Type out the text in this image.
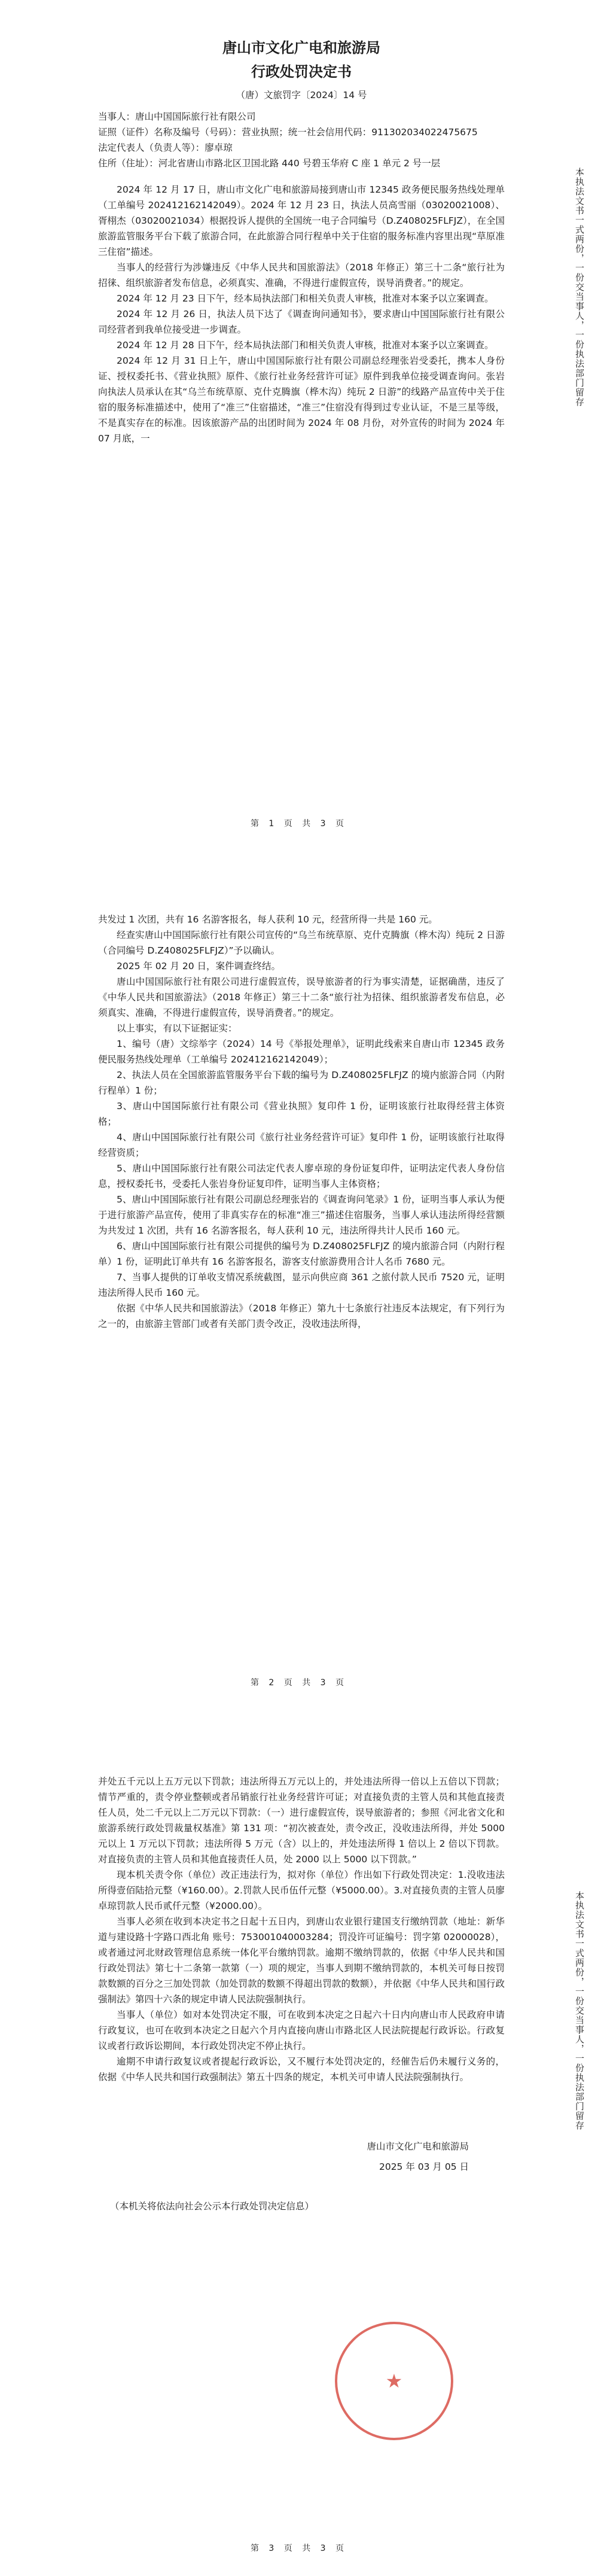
唐山市文化广电和旅游局
行政处罚决定书
（唐）文旅罚字〔2024〕14 号

当事人：唐山中国国际旅行社有限公司

证照（证件）名称及编号（号码）：营业执照；统一社会信用代码：911302034022475675

法定代表人（负责人等）：廖卓琼

住所（住址）：河北省唐山市路北区卫国北路 440 号碧玉华府 C 座 1 单元 2 号一层

2024 年 12 月 17 日，唐山市文化广电和旅游局接到唐山市 12345 政务便民服务热线处理单（工单编号 202412162142049）。2024 年 12 月 23 日，执法人员高雪丽（03020021008）、胥栩杰（03020021034）根据投诉人提供的全国统一电子合同编号（D.Z408025FLFJZ），在全国旅游监管服务平台下载了旅游合同，在此旅游合同行程单中关于住宿的服务标准内容里出现“草原准三住宿”描述。

当事人的经营行为涉嫌违反《中华人民共和国旅游法》（2018 年修正）第三十二条“旅行社为招徕、组织旅游者发布信息，必须真实、准确，不得进行虚假宣传，误导消费者。”的规定。

2024 年 12 月 23 日下午，经本局执法部门和相关负责人审核，批准对本案予以立案调查。

2024 年 12 月 26 日，执法人员下达了《调查询问通知书》，要求唐山中国国际旅行社有限公司经营者到我单位接受进一步调查。

2024 年 12 月 28 日下午，经本局执法部门和相关负责人审核，批准对本案予以立案调查。

2024 年 12 月 31 日上午，唐山中国国际旅行社有限公司副总经理张岩受委托，携本人身份证、授权委托书、《营业执照》原件、《旅行社业务经营许可证》原件到我单位接受调查询问。张岩向执法人员承认在其“乌兰布统草原、克什克腾旗（桦木沟）纯玩 2 日游”的线路产品宣传中关于住宿的服务标准描述中，使用了“准三”住宿描述，“准三”住宿没有得到过专业认证，不是三星等级，不是真实存在的标准。因该旅游产品的出团时间为 2024 年 08 月份，对外宣传的时间为 2024 年 07 月底，一

本执法文书一式两份，一份交当事人，一份执法部门留存
第 1 页 共 3 页

共发过 1 次团，共有 16 名游客报名，每人获利 10 元，经营所得一共是 160 元。

经查实唐山中国国际旅行社有限公司宣传的“乌兰布统草原、克什克腾旗（桦木沟）纯玩 2 日游（合同编号 D.Z408025FLFJZ）”予以确认。

2025 年 02 月 20 日，案件调查终结。

唐山中国国际旅行社有限公司进行虚假宣传，误导旅游者的行为事实清楚，证据确凿，违反了《中华人民共和国旅游法》（2018 年修正）第三十二条“旅行社为招徕、组织旅游者发布信息，必须真实、准确，不得进行虚假宣传，误导消费者。”的规定。

以上事实，有以下证据证实：

1、编号（唐）文综举字（2024）14 号《举报处理单》，证明此线索来自唐山市 12345 政务便民服务热线处理单（工单编号 202412162142049）；

2、执法人员在全国旅游监管服务平台下载的编号为 D.Z408025FLFJZ 的境内旅游合同（内附行程单）1 份；

3、唐山中国国际旅行社有限公司《营业执照》复印件 1 份，证明该旅行社取得经营主体资格；

4、唐山中国国际旅行社有限公司《旅行社业务经营许可证》复印件 1 份，证明该旅行社取得经营资质；

5、唐山中国国际旅行社有限公司法定代表人廖卓琼的身份证复印件，证明法定代表人身份信息，授权委托书，受委托人张岩身份证复印件，证明当事人主体资格；

5、唐山中国国际旅行社有限公司副总经理张岩的《调查询问笔录》1 份，证明当事人承认为便于进行旅游产品宣传，使用了非真实存在的标准“准三”描述住宿服务，当事人承认违法所得经营额为共发过 1 次团，共有 16 名游客报名，每人获利 10 元，违法所得共计人民币 160 元。

6、唐山中国国际旅行社有限公司提供的编号为 D.Z408025FLFJZ 的境内旅游合同（内附行程单）1 份，证明此订单共有 16 名游客报名，游客支付旅游费用合计人名币 7680 元。

7、当事人提供的订单收支情况系统截图，显示向供应商 361 之旅付款人民币 7520 元，证明违法所得人民币 160 元。

依据《中华人民共和国旅游法》（2018 年修正）第九十七条旅行社违反本法规定，有下列行为之一的，由旅游主管部门或者有关部门责令改正，没收违法所得，

第 2 页 共 3 页

并处五千元以上五万元以下罚款；违法所得五万元以上的，并处违法所得一倍以上五倍以下罚款；情节严重的，责令停业整顿或者吊销旅行社业务经营许可证；对直接负责的主管人员和其他直接责任人员，处二千元以上二万元以下罚款：（一）进行虚假宣传，误导旅游者的；参照《河北省文化和旅游系统行政处罚裁量权基准》第 131 项：“初次被查处，责令改正，没收违法所得，并处 5000 元以上 1 万元以下罚款；违法所得 5 万元（含）以上的，并处违法所得 1 倍以上 2 倍以下罚款。对直接负责的主管人员和其他直接责任人员，处 2000 以上 5000 以下罚款。”

现本机关责令你（单位）改正违法行为，拟对你（单位）作出如下行政处罚决定：1.没收违法所得壹佰陆拾元整（¥160.00）。2.罚款人民币伍仟元整（¥5000.00）。3.对直接负责的主管人员廖卓琼罚款人民币贰仟元整（¥2000.00）。

当事人必须在收到本决定书之日起十五日内，到唐山农业银行建国支行缴纳罚款（地址：新华道与建设路十字路口西北角 账号：753001040003284；罚没许可证编号：罚字第 02000028），或者通过河北财政管理信息系统一体化平台缴纳罚款。逾期不缴纳罚款的，依据《中华人民共和国行政处罚法》第七十二条第一款第（一）项的规定，当事人到期不缴纳罚款的，本机关可每日按罚款数额的百分之三加处罚款（加处罚款的数额不得超出罚款的数额），并依据《中华人民共和国行政强制法》第四十六条的规定申请人民法院强制执行。

当事人（单位）如对本处罚决定不服，可在收到本决定之日起六十日内向唐山市人民政府申请行政复议，也可在收到本决定之日起六个月内直接向唐山市路北区人民法院提起行政诉讼。行政复议或者行政诉讼期间，本行政处罚决定不停止执行。

逾期不申请行政复议或者提起行政诉讼，又不履行本处罚决定的，经催告后仍未履行义务的，依据《中华人民共和国行政强制法》第五十四条的规定，本机关可申请人民法院强制执行。

唐山市文化广电和旅游局

2025 年 03 月 05 日

（本机关将依法向社会公示本行政处罚决定信息）

★
本执法文书一式两份，一份交当事人，一份执法部门留存
第 3 页 共 3 页
